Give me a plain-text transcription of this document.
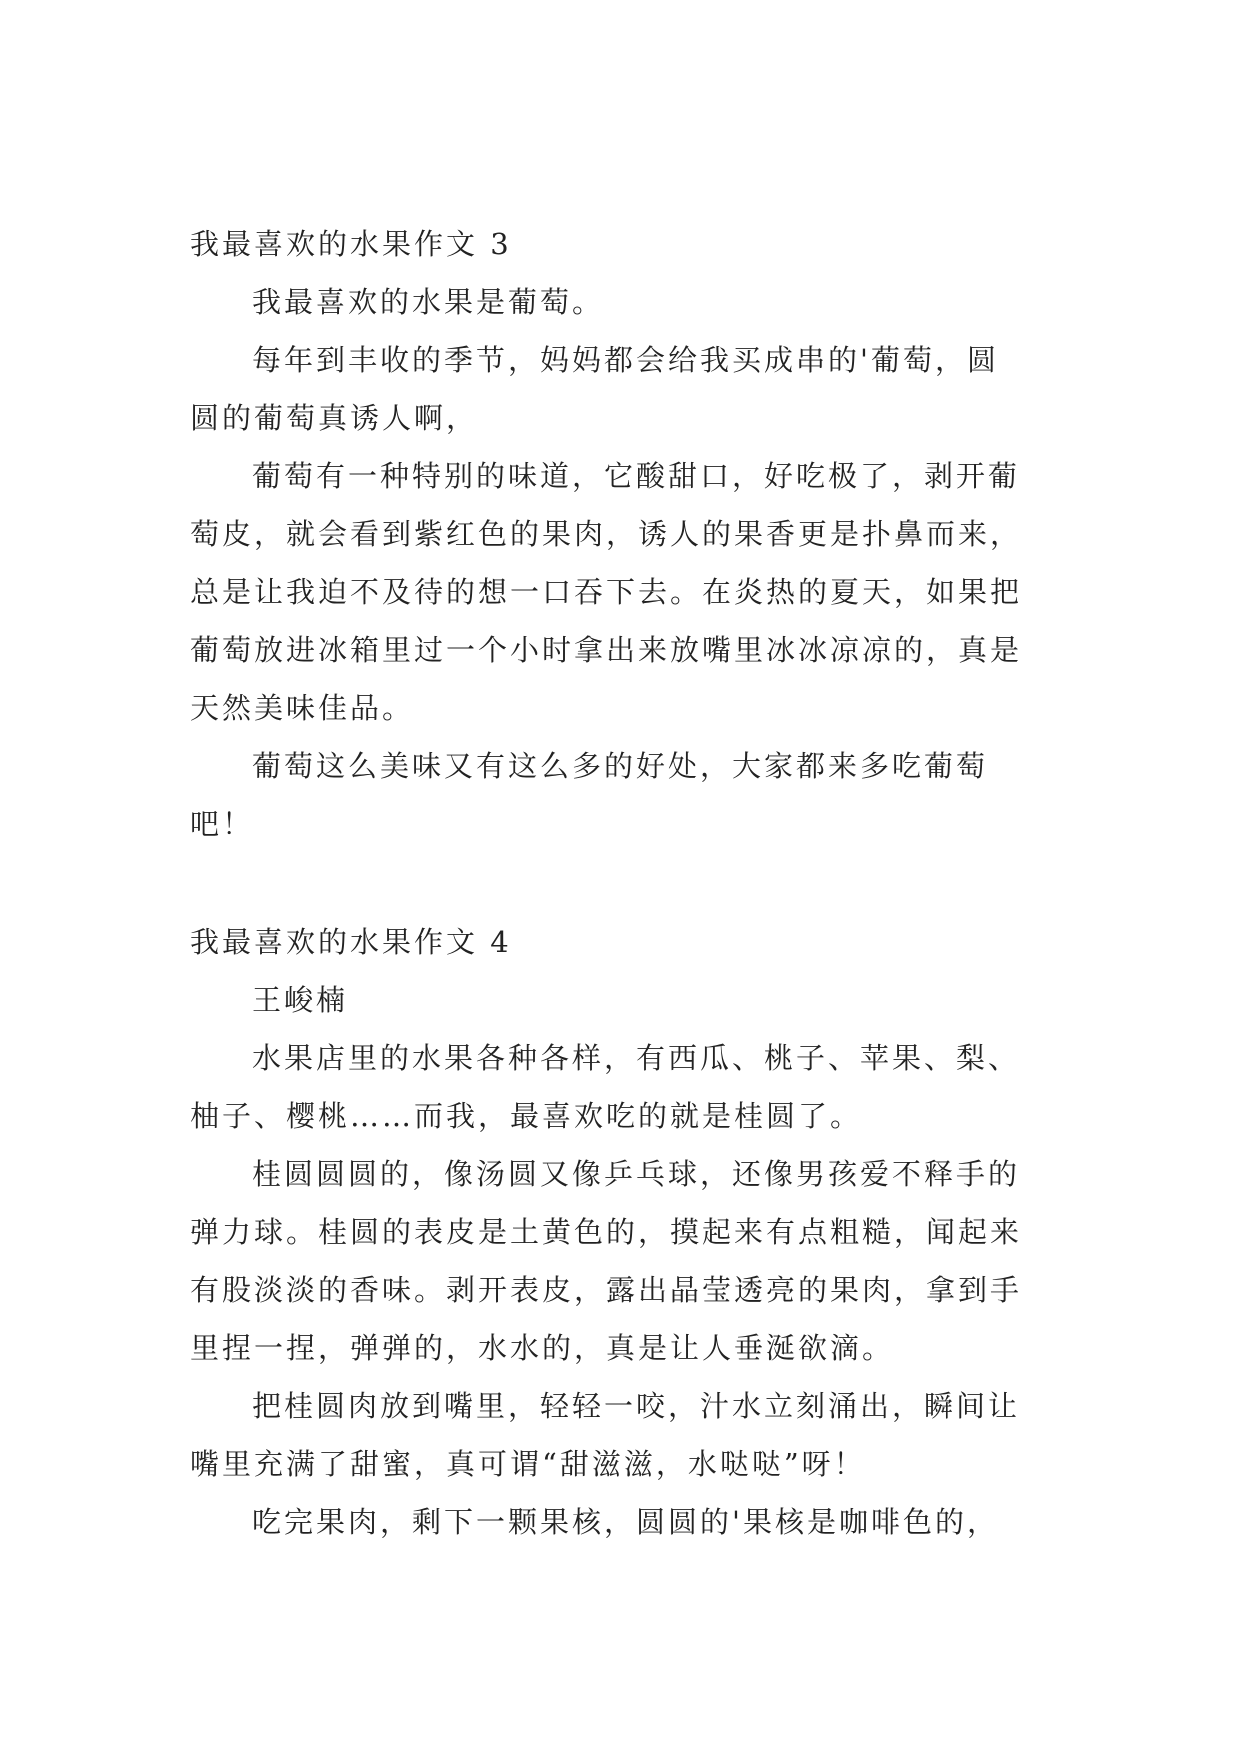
我最喜欢的水果作文 3

我最喜欢的水果是葡萄。

每年到丰收的季节，妈妈都会给我买成串的'葡萄，圆
圆的葡萄真诱人啊，

葡萄有一种特别的味道，它酸甜口，好吃极了，剥开葡
萄皮，就会看到紫红色的果肉，诱人的果香更是扑鼻而来，
总是让我迫不及待的想一口吞下去。在炎热的夏天，如果把
葡萄放进冰箱里过一个小时拿出来放嘴里冰冰凉凉的，真是
天然美味佳品。

葡萄这么美味又有这么多的好处，大家都来多吃葡萄
吧！

我最喜欢的水果作文 4

王峻楠

水果店里的水果各种各样，有西瓜、桃子、苹果、梨、
柚子、樱桃……而我，最喜欢吃的就是桂圆了。

桂圆圆圆的，像汤圆又像乒乓球，还像男孩爱不释手的
弹力球。桂圆的表皮是土黄色的，摸起来有点粗糙，闻起来
有股淡淡的香味。剥开表皮，露出晶莹透亮的果肉，拿到手
里捏一捏，弹弹的，水水的，真是让人垂涎欲滴。

把桂圆肉放到嘴里，轻轻一咬，汁水立刻涌出，瞬间让
嘴里充满了甜蜜，真可谓“甜滋滋，水哒哒”呀！

吃完果肉，剩下一颗果核，圆圆的'果核是咖啡色的，
